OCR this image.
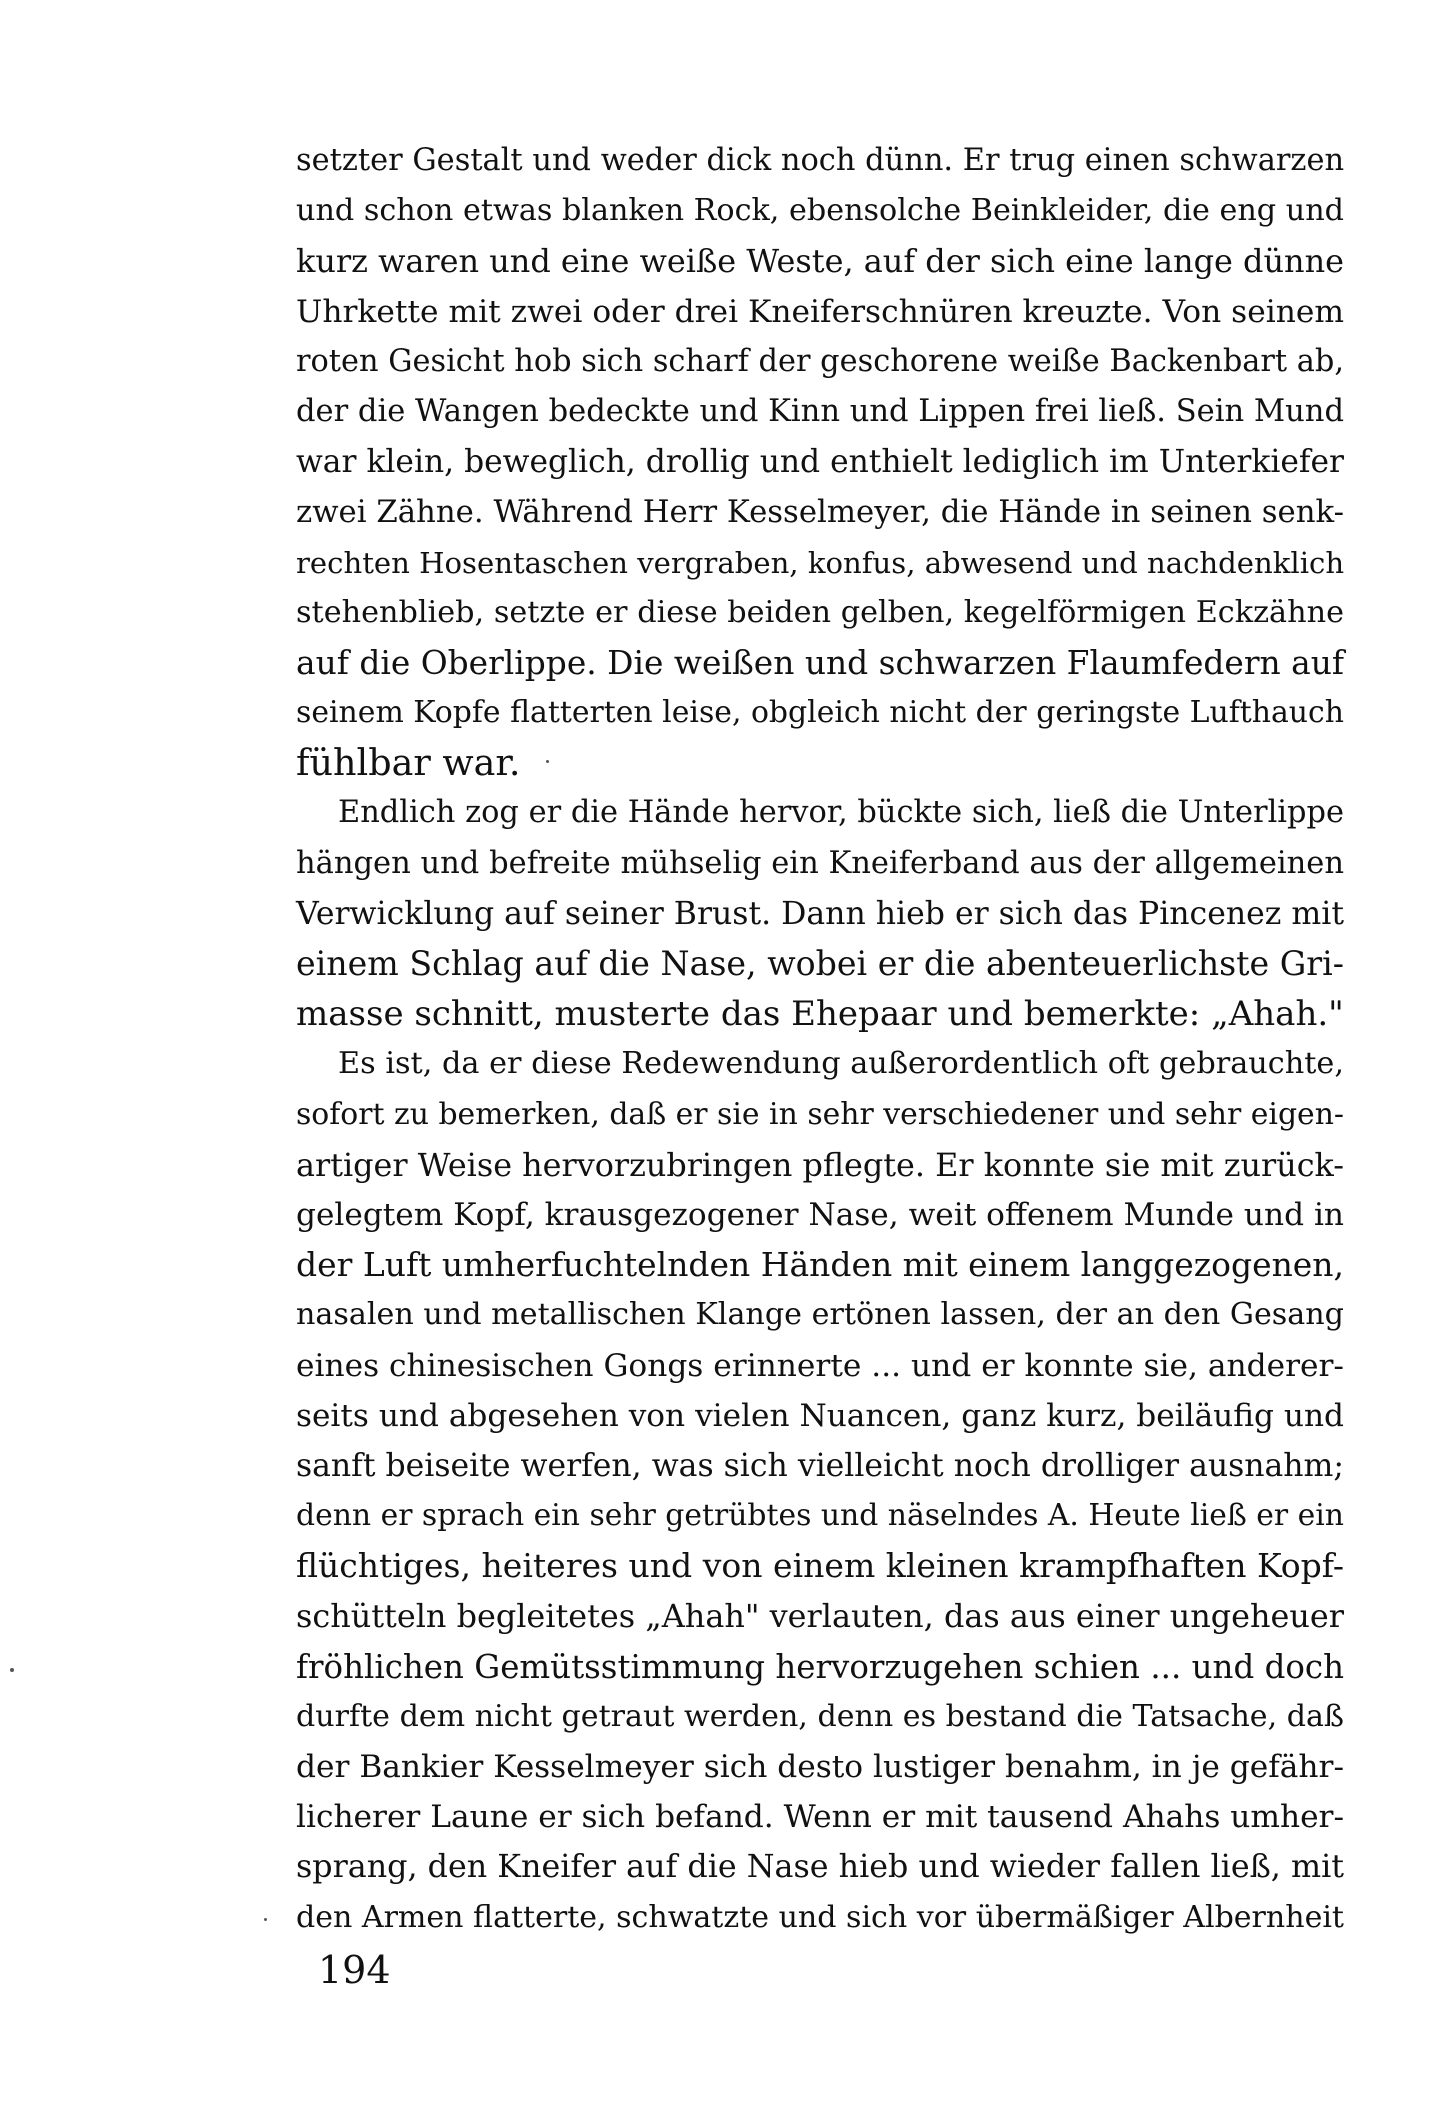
setzter Gestalt und weder dick noch dünn. Er trug einen schwarzen
und schon etwas blanken Rock, ebensolche Beinkleider, die eng und
kurz waren und eine weiße Weste, auf der sich eine lange dünne
Uhrkette mit zwei oder drei Kneiferschnüren kreuzte. Von seinem
roten Gesicht hob sich scharf der geschorene weiße Backenbart ab,
der die Wangen bedeckte und Kinn und Lippen frei ließ. Sein Mund
war klein, beweglich, drollig und enthielt lediglich im Unterkiefer
zwei Zähne. Während Herr Kesselmeyer, die Hände in seinen senk-
rechten Hosentaschen vergraben, konfus, abwesend und nachdenklich
stehenblieb, setzte er diese beiden gelben, kegelförmigen Eckzähne
auf die Oberlippe. Die weißen und schwarzen Flaumfedern auf
seinem Kopfe flatterten leise, obgleich nicht der geringste Lufthauch
fühlbar war.
Endlich zog er die Hände hervor, bückte sich, ließ die Unterlippe
hängen und befreite mühselig ein Kneiferband aus der allgemeinen
Verwicklung auf seiner Brust. Dann hieb er sich das Pincenez mit
einem Schlag auf die Nase, wobei er die abenteuerlichste Gri-
masse schnitt, musterte das Ehepaar und bemerkte: „Ahah."
Es ist, da er diese Redewendung außerordentlich oft gebrauchte,
sofort zu bemerken, daß er sie in sehr verschiedener und sehr eigen-
artiger Weise hervorzubringen pflegte. Er konnte sie mit zurück-
gelegtem Kopf, krausgezogener Nase, weit offenem Munde und in
der Luft umherfuchtelnden Händen mit einem langgezogenen,
nasalen und metallischen Klange ertönen lassen, der an den Gesang
eines chinesischen Gongs erinnerte ... und er konnte sie, anderer-
seits und abgesehen von vielen Nuancen, ganz kurz, beiläufig und
sanft beiseite werfen, was sich vielleicht noch drolliger ausnahm;
denn er sprach ein sehr getrübtes und näselndes A. Heute ließ er ein
flüchtiges, heiteres und von einem kleinen krampfhaften Kopf-
schütteln begleitetes „Ahah" verlauten, das aus einer ungeheuer
fröhlichen Gemütsstimmung hervorzugehen schien ... und doch
durfte dem nicht getraut werden, denn es bestand die Tatsache, daß
der Bankier Kesselmeyer sich desto lustiger benahm, in je gefähr-
licherer Laune er sich befand. Wenn er mit tausend Ahahs umher-
sprang, den Kneifer auf die Nase hieb und wieder fallen ließ, mit
den Armen flatterte, schwatzte und sich vor übermäßiger Albernheit
194
